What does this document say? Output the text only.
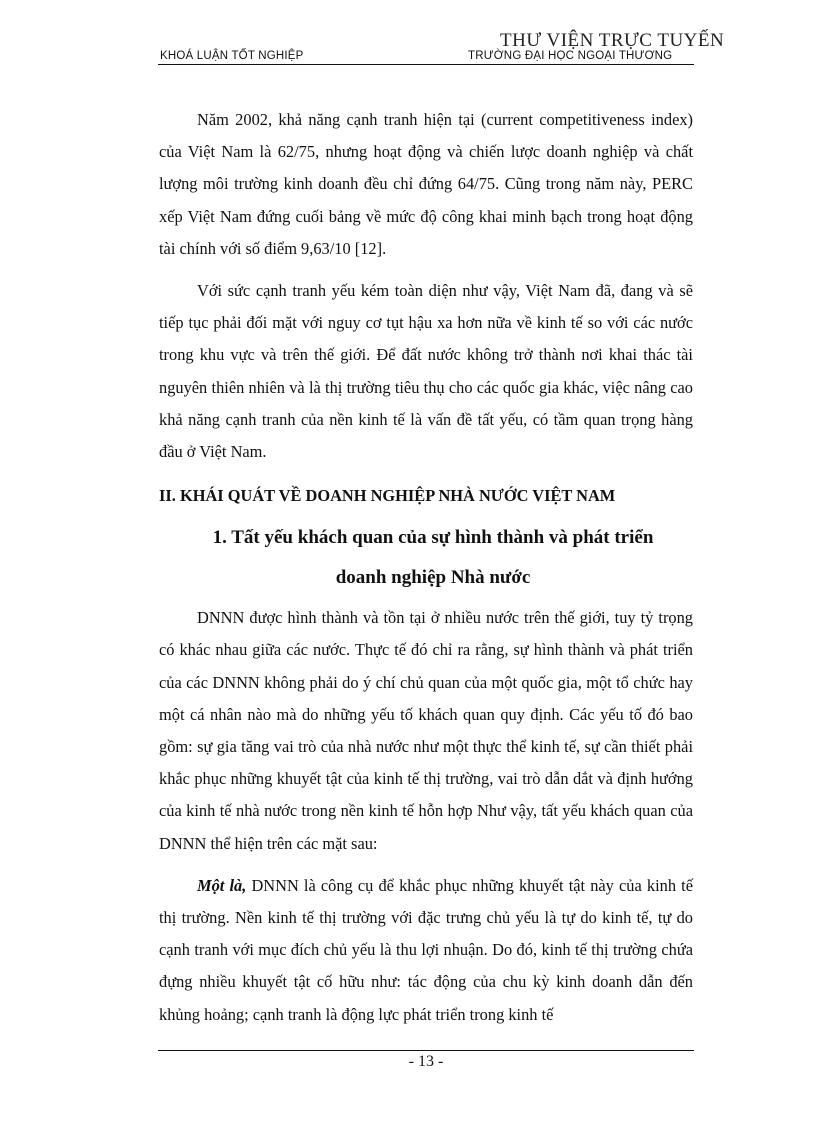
KHOÁ LUẬN TỐT NGHIỆP	TRƯỜNG ĐẠI HỌC NGOẠI THƯƠNG
THƯ VIỆN TRỰC TUYẾN

Năm 2002, khả năng cạnh tranh hiện tại (current competitiveness index) của Việt Nam là 62/75, nhưng hoạt động và chiến lược doanh nghiệp và chất lượng môi trường kinh doanh đều chỉ đứng 64/75. Cũng trong năm này, PERC xếp Việt Nam đứng cuối bảng về mức độ công khai minh bạch trong hoạt động tài chính với số điểm 9,63/10 [12].

Với sức cạnh tranh yếu kém toàn diện như vậy, Việt Nam đã, đang và sẽ tiếp tục phải đối mặt với nguy cơ tụt hậu xa hơn nữa về kinh tế so với các nước trong khu vực và trên thế giới. Để đất nước không trở thành nơi khai thác tài nguyên thiên nhiên và là thị trường tiêu thụ cho các quốc gia khác, việc nâng cao khả năng cạnh tranh của nền kinh tế là vấn đề tất yếu, có tầm quan trọng hàng đầu ở Việt Nam.

II. KHÁI QUÁT VỀ DOANH NGHIỆP NHÀ NƯỚC VIỆT NAM
1. Tất yếu khách quan của sự hình thành và phát triển
doanh nghiệp Nhà nước

DNNN được hình thành và tồn tại ở nhiều nước trên thế giới, tuy tỷ trọng có khác nhau giữa các nước. Thực tế đó chỉ ra rằng, sự hình thành và phát triển của các DNNN không phải do ý chí chủ quan của một quốc gia, một tổ chức hay một cá nhân nào mà do những yếu tố khách quan quy định. Các yếu tố đó bao gồm: sự gia tăng vai trò của nhà nước như một thực thể kinh tế, sự cần thiết phải khắc phục những khuyết tật của kinh tế thị trường, vai trò dẫn dắt và định hướng của kinh tế nhà nước trong nền kinh tế hỗn hợp Như vậy, tất yếu khách quan của DNNN thể hiện trên các mặt sau:

Một là, DNNN là công cụ để khắc phục những khuyết tật này của kinh tế thị trường. Nền kinh tế thị trường với đặc trưng chủ yếu là tự do kinh tế, tự do cạnh tranh với mục đích chủ yếu là thu lợi nhuận. Do đó, kinh tế thị trường chứa đựng nhiều khuyết tật cố hữu như: tác động của chu kỳ kinh doanh dẫn đến khủng hoảng; cạnh tranh là động lực phát triển trong kinh tế

- 13 -
